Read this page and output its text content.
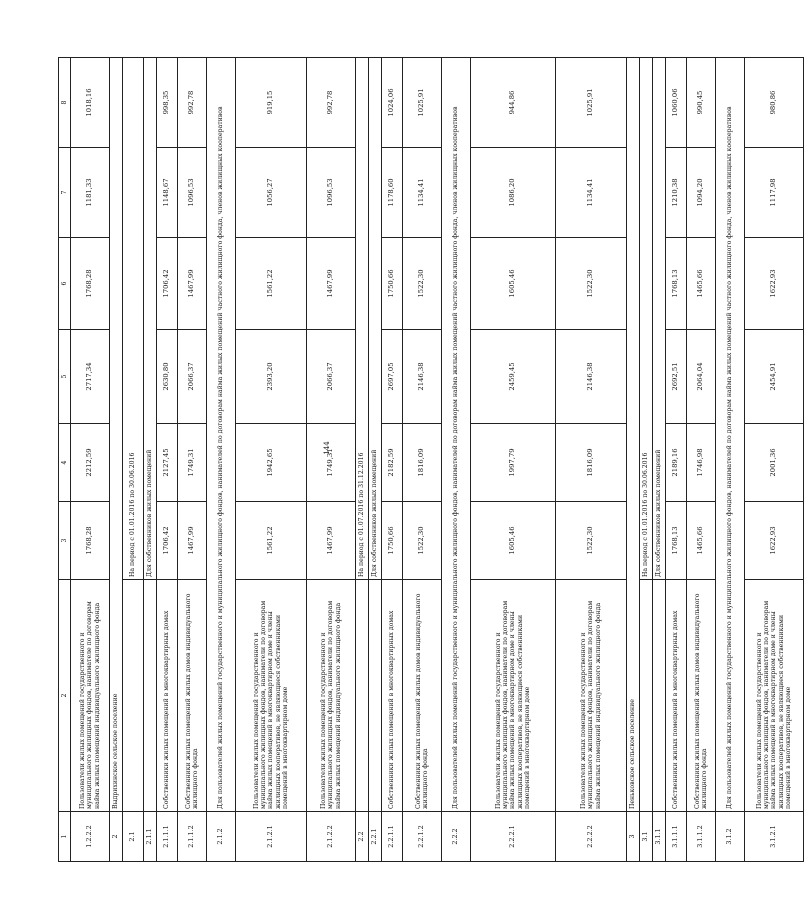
144
1	2	3	4	5	6	7	8
1.2.2.2	Пользователи жилых помещений государственного и муниципального жилищных фондов, нанимателе по договорам найма жилых помещений индивидуального жилищного фонда	1768,28	2212,59	2717,34	1768,28	1181,33	1018,16
2	Выдрихинское сельское поселение						
2.1		На период с 01.01.2016 по 30.06.2016					
2.1.1		Для собственников жилых помещений					
2.1.1.1	Собственники жилых помещений в многоквартирных домах	1706,42	2127,45	2630,80	1706,42	1148,67	998,35
2.1.1.2	Собственники жилых помещений жилых домов индивидуального жилищного фонда	1467,99	1749,31	2066,37	1467,99	1096,53	992,78
2.1.2	Для пользователей жилых помещений государственного и муниципального жилищного фондов, нанимателей по договорам найма жилых помещений частного жилищного фонда, членов жилищных кооперативов						
2.1.2.1	Пользователи жилых помещений государственного и муниципального жилищных фондов, наниматели по договорам найма жилых помещений в многоквартирном доме и члены жилищных кооперативов, не являющиеся собственниками помещений в многоквартирном доме	1561,22	1942,65	2393,20	1561,22	1056,27	919,15
2.1.2.2	Пользователи жилых помещений государственного и муниципального жилищных фондов, наниматели по договорам найма жилых помещений индивидуального жилищного фонда	1467,99	1749,31	2066,37	1467,99	1096,53	992,78
2.2		На период с 01.07.2016 по 31.12.2016					
2.2.1		Для собственников жилых помещений					
2.2.1.1	Собственники жилых помещений в многоквартирных домах	1750,66	2182,59	2697,05	1750,66	1178,60	1024,06
2.2.1.2	Собственники жилых помещений жилых домов индивидуального жилищного фонда	1522,30	1816,09	2146,38	1522,30	1134,41	1025,91
2.2.2	Для пользователей жилых помещений государственного и муниципального жилищного фондов, нанимателей по договорам найма жилых помещений частного жилищного фонда, членов жилищных кооперативов						
2.2.2.1	Пользователи жилых помещений государственного и муниципального жилищных фондов, наниматели по договорам найма жилых помещений в многоквартирном доме и члены жилищных кооперативов, не являющиеся собственниками помещений в многоквартирном доме	1605,46	1997,79	2459,45	1605,46	1086,20	944,86
2.2.2.2	Пользователи жилых помещений государственного и муниципального жилищных фондов, наниматели по договорам найма жилых помещений индивидуального жилищного фонда	1522,30	1816,09	2146,38	1522,30	1134,41	1025,91
3	Пеньковское сельское поселение						
3.1		На период с 01.01.2016 по 30.06.2016					
3.1.1		Для собственников жилых помещений					
3.1.1.1	Собственники жилых помещений в многоквартирных домах	1768,13	2189,16	2692,51	1768,13	1210,38	1060,06
3.1.1.2	Собственники жилых помещений жилых домов индивидуального жилищного фонда	1465,66	1746,98	2064,04	1465,66	1094,20	990,45
3.1.2	Для пользователей жилых помещений государственного и муниципального жилищного фондов, нанимателей по договорам найма жилых помещений частного жилищного фонда, членов жилищных кооперативов						
3.1.2.1	Пользователи жилых помещений государственного и муниципального жилищных фондов, наниматели по договорам найма жилых помещений в многоквартирном доме и члены жилищных кооперативов, не являющиеся собственниками помещений в многоквартирном доме	1622,93	2001,36	2454,91	1622,93	1117,98	980,86
